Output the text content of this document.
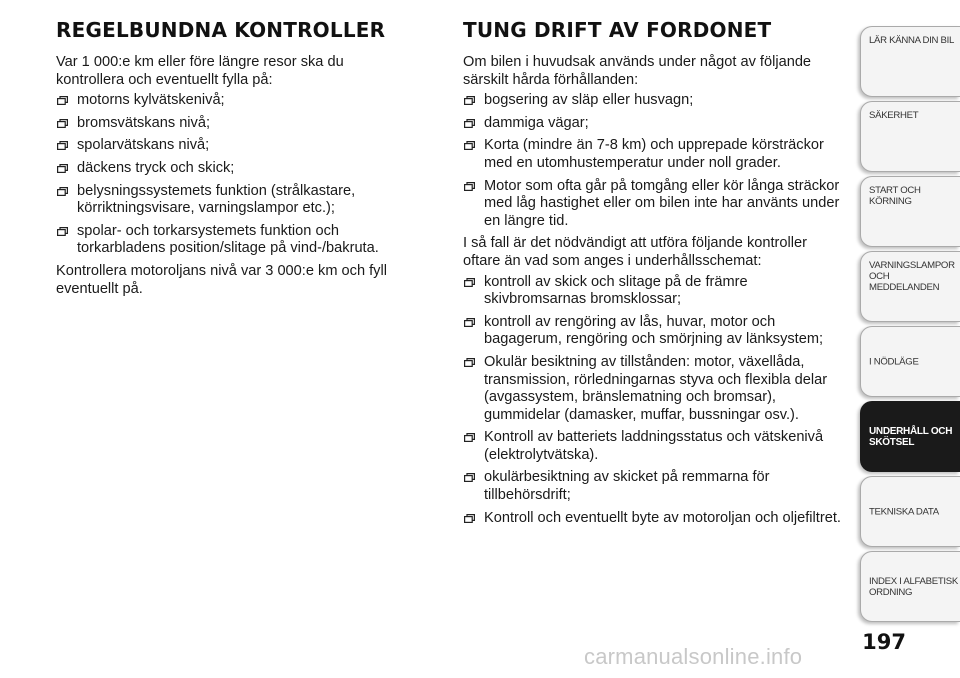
REGELBUNDNA KONTROLLER

Var 1 000:e km eller före längre resor ska du kontrollera och eventuellt fylla på:

motorns kylvätskenivå;
bromsvätskans nivå;
spolarvätskans nivå;
däckens tryck och skick;
belysningssystemets funktion (strålkastare, körriktningsvisare, varningslampor etc.);
spolar- och torkarsystemets funktion och torkarbladens position/slitage på vind-/bakruta.

Kontrollera motoroljans nivå var 3 000:e km och fyll eventuellt på.

TUNG DRIFT AV FORDONET

Om bilen i huvudsak används under något av följande särskilt hårda förhållanden:

bogsering av släp eller husvagn;
dammiga vägar;
Korta (mindre än 7-8 km) och upprepade körsträckor med en utomhustemperatur under noll grader.
Motor som ofta går på tomgång eller kör långa sträckor med låg hastighet eller om bilen inte har använts under en längre tid.

I så fall är det nödvändigt att utföra följande kontroller oftare än vad som anges i underhållsschemat:

kontroll av skick och slitage på de främre skivbromsarnas bromsklossar;
kontroll av rengöring av lås, huvar, motor och bagagerum, rengöring och smörjning av länksystem;
Okulär besiktning av tillstånden: motor, växellåda, transmission, rörledningarnas styva och flexibla delar (avgassystem, bränslematning och bromsar), gummidelar (damasker, muffar, bussningar osv.).
Kontroll av batteriets laddningsstatus och vätskenivå (elektrolytvätska).
okulärbesiktning av skicket på remmarna för tillbehörsdrift;
Kontroll och eventuellt byte av motoroljan och oljefiltret.
LÄR KÄNNA DIN BIL
SÄKERHET
START OCH
KÖRNING
VARNINGSLAMPOR
OCH
MEDDELANDEN
I NÖDLÄGE
UNDERHÅLL OCH
SKÖTSEL
TEKNISKA DATA
INDEX I ALFABETISK
ORDNING
197
carmanualsonline.info
